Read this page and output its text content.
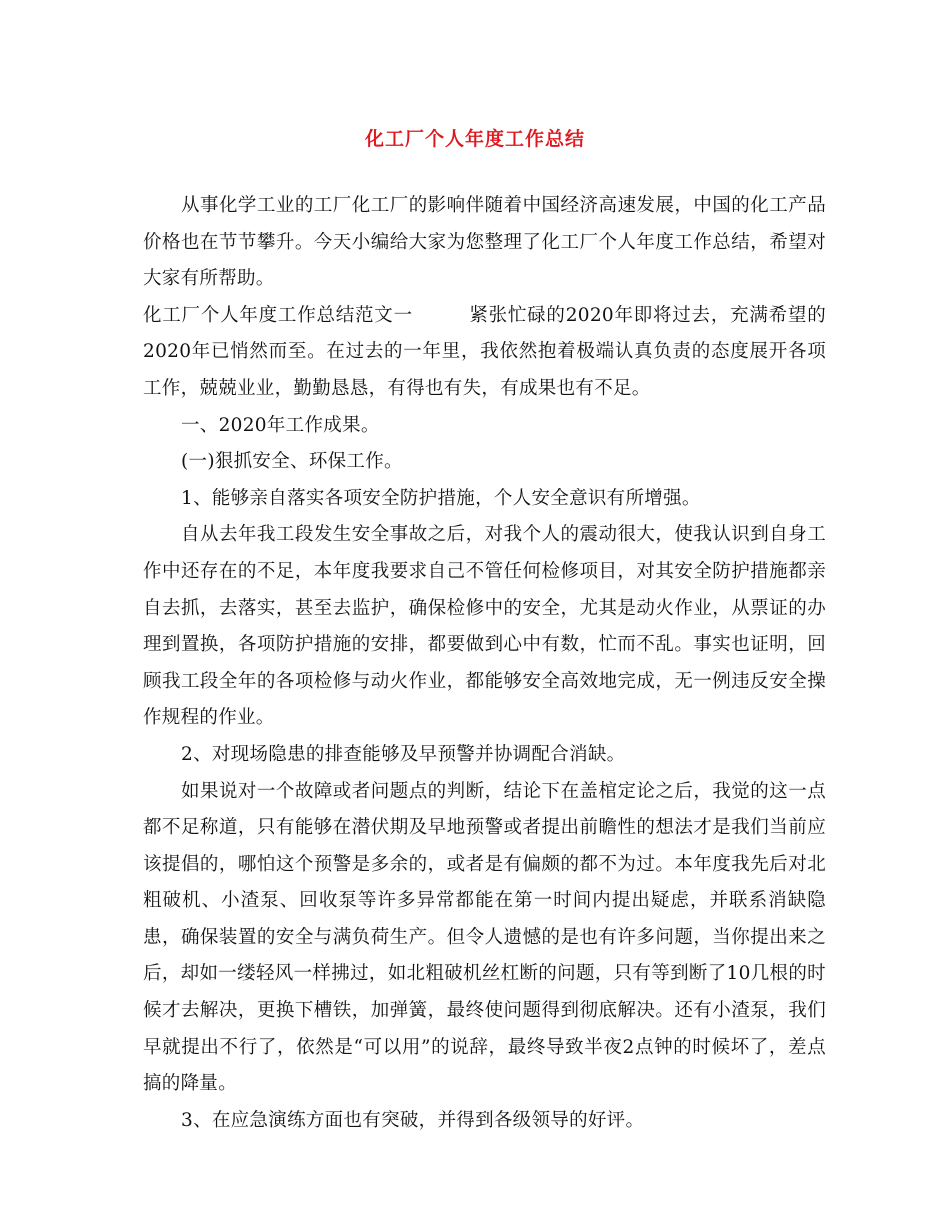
化工厂个人年度工作总结

从事化学工业的工厂化工厂的影响伴随着中国经济高速发展，中国的化工产品价格也在节节攀升。今天小编给大家为您整理了化工厂个人年度工作总结，希望对大家有所帮助。

化工厂个人年度工作总结范文一	紧张忙碌的2020年即将过去，充满希望的2020年已悄然而至。在过去的一年里，我依然抱着极端认真负责的态度展开各项工作，兢兢业业，勤勤恳恳，有得也有失，有成果也有不足。

一、2020年工作成果。

(一)狠抓安全、环保工作。

1、能够亲自落实各项安全防护措施，个人安全意识有所增强。

自从去年我工段发生安全事故之后，对我个人的震动很大，使我认识到自身工作中还存在的不足，本年度我要求自己不管任何检修项目，对其安全防护措施都亲自去抓，去落实，甚至去监护，确保检修中的安全，尤其是动火作业，从票证的办理到置换，各项防护措施的安排，都要做到心中有数，忙而不乱。事实也证明，回顾我工段全年的各项检修与动火作业，都能够安全高效地完成，无一例违反安全操作规程的作业。

2、对现场隐患的排查能够及早预警并协调配合消缺。

如果说对一个故障或者问题点的判断，结论下在盖棺定论之后，我觉的这一点都不足称道，只有能够在潜伏期及早地预警或者提出前瞻性的想法才是我们当前应该提倡的，哪怕这个预警是多余的，或者是有偏颇的都不为过。本年度我先后对北粗破机、小渣泵、回收泵等许多异常都能在第一时间内提出疑虑，并联系消缺隐患，确保装置的安全与满负荷生产。但令人遗憾的是也有许多问题，当你提出来之后，却如一缕轻风一样拂过，如北粗破机丝杠断的问题，只有等到断了10几根的时候才去解决，更换下槽铁，加弹簧，最终使问题得到彻底解决。还有小渣泵，我们早就提出不行了，依然是“可以用”的说辞，最终导致半夜2点钟的时候坏了，差点搞的降量。

3、在应急演练方面也有突破，并得到各级领导的好评。
